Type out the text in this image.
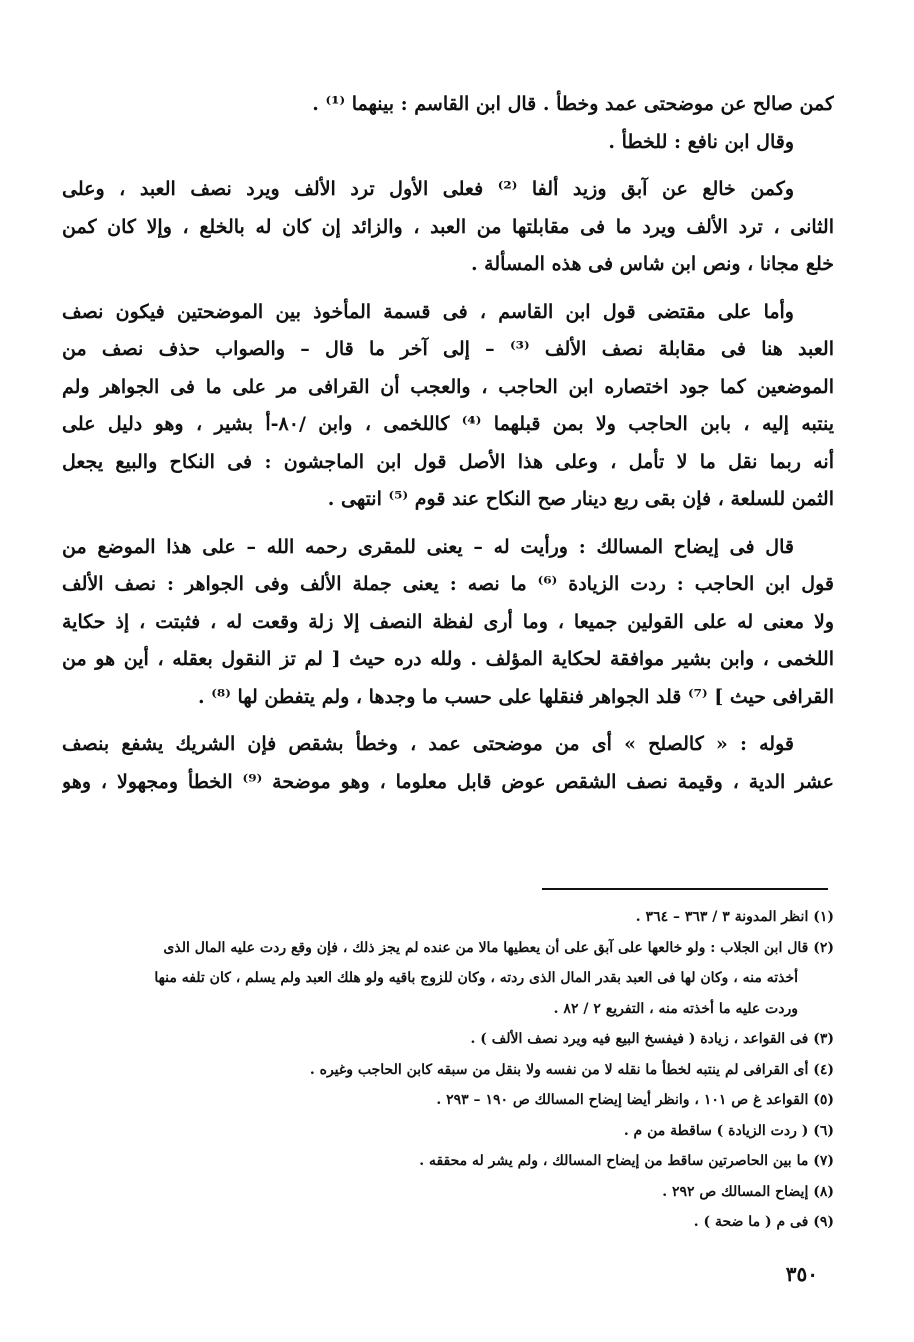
كمن صالح عن موضحتى عمد وخطأ . قال ابن القاسم : بينهما ⁽¹⁾ .
وقال ابن نافع : للخطأ .
وكمن خالع عن آبق وزيد ألفا ⁽²⁾ فعلى الأول ترد الألف ويرد نصف العبد ، وعلى
الثانى ، ترد الألف ويرد ما فى مقابلتها من العبد ، والزائد إن كان له بالخلع ، وإلا كان كمن
خلع مجانا ، ونص ابن شاس فى هذه المسألة .
وأما على مقتضى قول ابن القاسم ، فى قسمة المأخوذ بين الموضحتين فيكون نصف
العبد هنا فى مقابلة نصف الألف ⁽³⁾ – إلى آخر ما قال – والصواب حذف نصف من
الموضعين كما جود اختصاره ابن الحاجب ، والعجب أن القرافى مر على ما فى الجواهر ولم
ينتبه إليه ، بابن الحاجب ولا بمن قبلهما ⁽⁴⁾ كاللخمى ، وابن /٨٠-أ بشير ، وهو دليل على
أنه ربما نقل ما لا تأمل ، وعلى هذا الأصل قول ابن الماجشون : فى النكاح والبيع يجعل
الثمن للسلعة ، فإن بقى ربع دينار صح النكاح عند قوم ⁽⁵⁾ انتهى .
قال فى إيضاح المسالك : ورأيت له – يعنى للمقرى رحمه الله – على هذا الموضع من
قول ابن الحاجب : ردت الزيادة ⁽⁶⁾ ما نصه : يعنى جملة الألف وفى الجواهر : نصف الألف
ولا معنى له على القولين جميعا ، وما أرى لفظة النصف إلا زلة وقعت له ، فثبتت ، إذ حكاية
اللخمى ، وابن بشير موافقة لحكاية المؤلف . ولله دره حيث [ لم تز النقول بعقله ، أين هو من
القرافى حيث ] ⁽⁷⁾ قلد الجواهر فنقلها على حسب ما وجدها ، ولم يتفطن لها ⁽⁸⁾ .
قوله : « كالصلح » أى من موضحتى عمد ، وخطأ بشقص فإن الشريك يشفع بنصف
عشر الدية ، وقيمة نصف الشقص عوض قابل معلوما ، وهو موضحة ⁽⁹⁾ الخطأ ومجهولا ، وهو
(١) انظر المدونة ٣ / ٣٦٣ – ٣٦٤ .
(٢) قال ابن الجلاب : ولو خالعها على آبق على أن يعطيها مالا من عنده لم يجز ذلك ، فإن وقع ردت عليه المال الذى
أخذته منه ، وكان لها فى العبد بقدر المال الذى ردته ، وكان للزوج باقيه ولو هلك العبد ولم يسلم ، كان تلفه منها
وردت عليه ما أخذته منه ، التفريع ٢ / ٨٢ .
(٣) فى القواعد ، زيادة ( فيفسخ البيع فيه ويرد نصف الألف ) .
(٤) أى القرافى لم ينتبه لخطأ ما نقله لا من نفسه ولا بنقل من سبقه كابن الحاجب وغيره .
(٥) القواعد غ ص ١٠١ ، وانظر أيضا إيضاح المسالك ص ١٩٠ – ٢٩٣ .
(٦) ( ردت الزيادة ) ساقطة من م .
(٧) ما بين الحاصرتين ساقط من إيضاح المسالك ، ولم يشر له محققه .
(٨) إيضاح المسالك ص ٢٩٢ .
(٩) فى م ( ما ضحة ) .
٣٥٠
